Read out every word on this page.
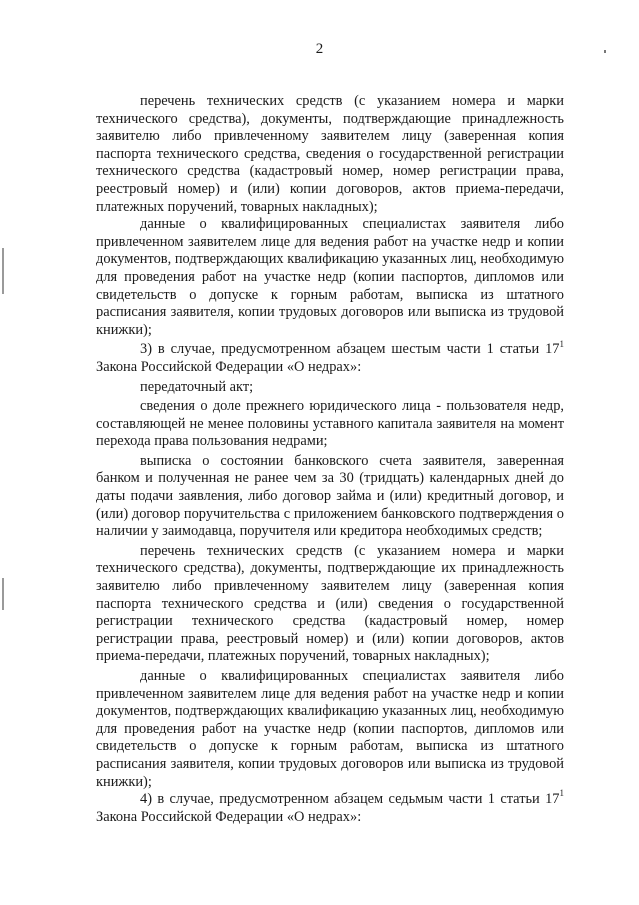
2

перечень технических средств (с указанием номера и марки технического средства), документы, подтверждающие принадлежность заявителю либо привлеченному заявителем лицу (заверенная копия паспорта технического средства, сведения о государственной регистрации технического средства (кадастровый номер, номер регистрации права, реестровый номер) и (или) копии договоров, актов приема-передачи, платежных поручений, товарных накладных);

данные о квалифицированных специалистах заявителя либо привлеченном заявителем лице для ведения работ на участке недр и копии документов, подтверждающих квалификацию указанных лиц, необходимую для проведения работ на участке недр (копии паспортов, дипломов или свидетельств о допуске к горным работам, выписка из штатного расписания заявителя, копии трудовых договоров или выписка из трудовой книжки);

3) в случае, предусмотренном абзацем шестым части 1 статьи $17^1$ Закона Российской Федерации «О недрах»:

передаточный акт;

сведения о доле прежнего юридического лица - пользователя недр, составляющей не менее половины уставного капитала заявителя на момент перехода права пользования недрами;

выписка о состоянии банковского счета заявителя, заверенная банком и полученная не ранее чем за 30 (тридцать) календарных дней до даты подачи заявления, либо договор займа и (или) кредитный договор, и (или) договор поручительства с приложением банковского подтверждения о наличии у заимодавца, поручителя или кредитора необходимых средств;

перечень технических средств (с указанием номера и марки технического средства), документы, подтверждающие их принадлежность заявителю либо привлеченному заявителем лицу (заверенная копия паспорта технического средства и (или) сведения о государственной регистрации технического средства (кадастровый номер, номер регистрации права, реестровый номер) и (или) копии договоров, актов приема-передачи, платежных поручений, товарных накладных);

данные о квалифицированных специалистах заявителя либо привлеченном заявителем лице для ведения работ на участке недр и копии документов, подтверждающих квалификацию указанных лиц, необходимую для проведения работ на участке недр (копии паспортов, дипломов или свидетельств о допуске к горным работам, выписка из штатного расписания заявителя, копии трудовых договоров или выписка из трудовой книжки);

4) в случае, предусмотренном абзацем седьмым части 1 статьи $17^1$ Закона Российской Федерации «О недрах»:
